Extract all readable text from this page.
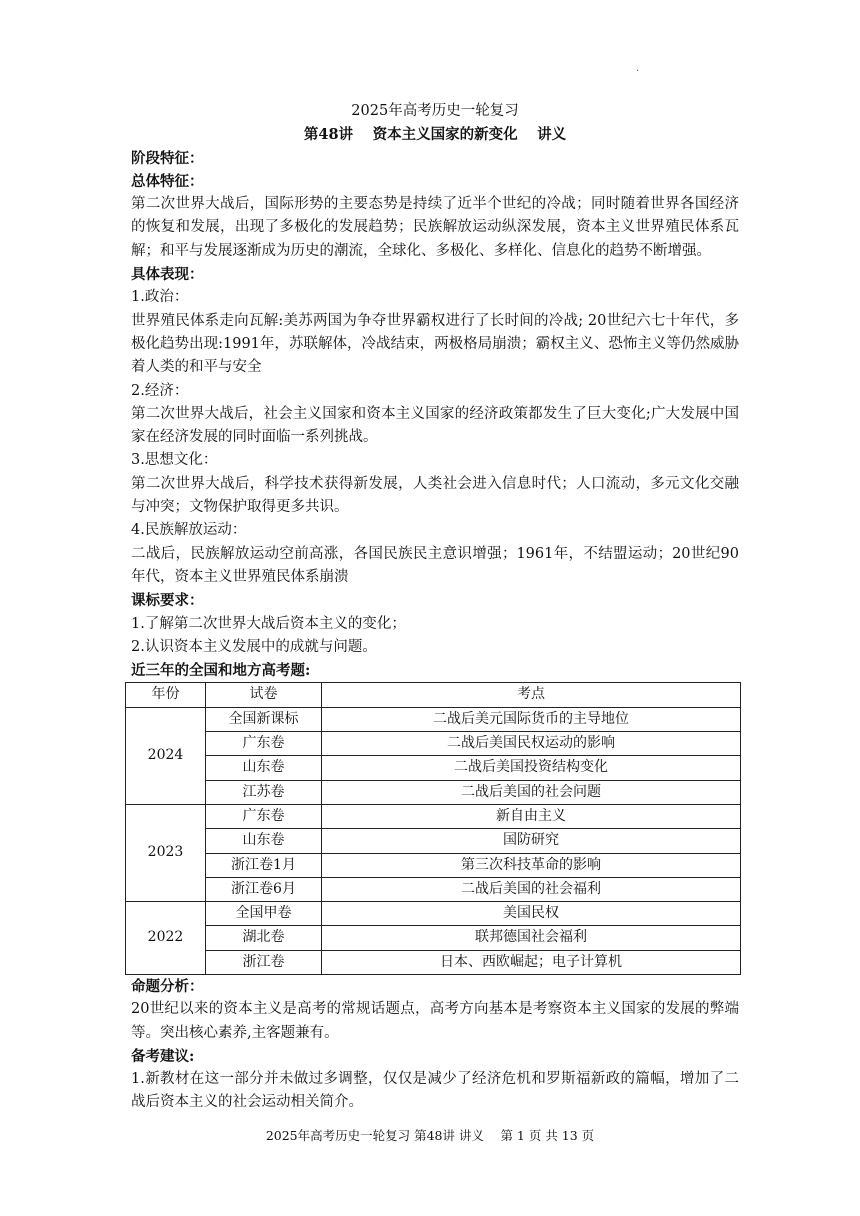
·
2025年高考历史一轮复习
第48讲　 资本主义国家的新变化　 讲义
阶段特征：
总体特征：

第二次世界大战后，国际形势的主要态势是持续了近半个世纪的冷战；同时随着世界各国经济的恢复和发展，出现了多极化的发展趋势；民族解放运动纵深发展，资本主义世界殖民体系瓦解；和平与发展逐渐成为历史的潮流，全球化、多极化、多样化、信息化的趋势不断增强。

具体表现：
1.政治：

世界殖民体系走向瓦解:美苏两国为争夺世界霸权进行了长时间的冷战; 20世纪六七十年代，多极化趋势出现:1991年，苏联解体，冷战结束，两极格局崩溃；霸权主义、恐怖主义等仍然威胁着人类的和平与安全

2.经济：

第二次世界大战后，社会主义国家和资本主义国家的经济政策都发生了巨大变化;广大发展中国家在经济发展的同时面临一系列挑战。

3.思想文化：

第二次世界大战后，科学技术获得新发展，人类社会进入信息时代；人口流动，多元文化交融与冲突；文物保护取得更多共识。

4.民族解放运动：

二战后，民族解放运动空前高涨，各国民族民主意识增强；1961年，不结盟运动；20世纪90年代，资本主义世界殖民体系崩溃

课标要求：
1.了解第二次世界大战后资本主义的变化；
2.认识资本主义发展中的成就与问题。
近三年的全国和地方高考题:
年份	试卷	考点
2024	全国新课标	二战后美元国际货币的主导地位
	广东卷	二战后美国民权运动的影响
	山东卷	二战后美国投资结构变化
	江苏卷	二战后美国的社会问题
2023	广东卷	新自由主义
	山东卷	国防研究
	浙江卷1月	第三次科技革命的影响
	浙江卷6月	二战后美国的社会福利
2022	全国甲卷	美国民权
	湖北卷	联邦德国社会福利
	浙江卷	日本、西欧崛起；电子计算机
命题分析：

20世纪以来的资本主义是高考的常规话题点，高考方向基本是考察资本主义国家的发展的弊端等。突出核心素养,主客题兼有。

备考建议:

1.新教材在这一部分并未做过多调整，仅仅是减少了经济危机和罗斯福新政的篇幅，增加了二战后资本主义的社会运动相关简介。

2025年高考历史一轮复习 第48讲 讲义　 第 1 页 共 13 页
